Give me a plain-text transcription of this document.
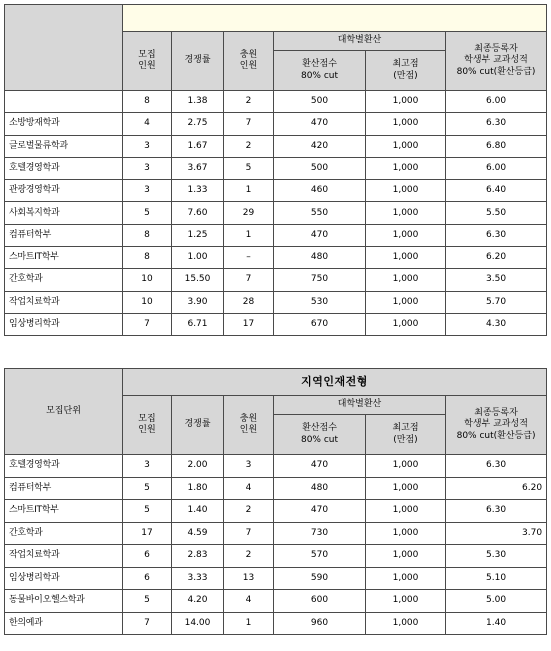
	모집
인원	경쟁률	충원
인원	대학별환산		최종등록자
학생부 교과성적
80% cut(환산등급)
				환산점수
80% cut	최고점
(만점)	
	8	1.38	2	500	1,000	6.00
소방방재학과	4	2.75	7	470	1,000	6.30
글로벌물류학과	3	1.67	2	420	1,000	6.80
호텔경영학과	3	3.67	5	500	1,000	6.00
관광경영학과	3	1.33	1	460	1,000	6.40
사회복지학과	5	7.60	29	550	1,000	5.50
컴퓨터학부	8	1.25	1	470	1,000	6.30
스마트IT학부	8	1.00	–	480	1,000	6.20
간호학과	10	15.50	7	750	1,000	3.50
작업치료학과	10	3.90	28	530	1,000	5.70
임상병리학과	7	6.71	17	670	1,000	4.30
모집단위	지역인재전형					
	모집
인원	경쟁률	충원
인원	대학별환산		최종등록자
학생부 교과성적
80% cut(환산등급)
				환산점수
80% cut	최고점
(만점)	
호텔경영학과	3	2.00	3	470	1,000	6.30
컴퓨터학부	5	1.80	4	480	1,000	6.20
스마트IT학부	5	1.40	2	470	1,000	6.30
간호학과	17	4.59	7	730	1,000	3.70
작업치료학과	6	2.83	2	570	1,000	5.30
임상병리학과	6	3.33	13	590	1,000	5.10
동물바이오헬스학과	5	4.20	4	600	1,000	5.00
한의예과	7	14.00	1	960	1,000	1.40
